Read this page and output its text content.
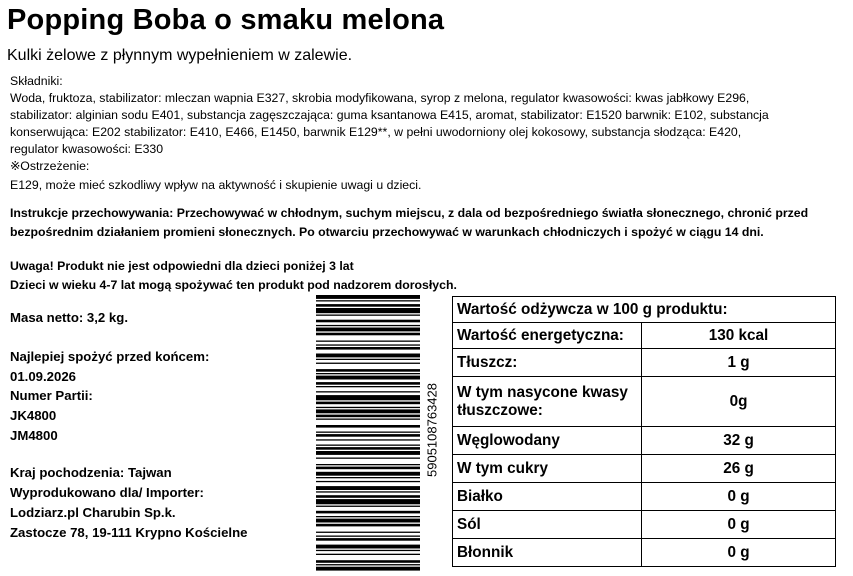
Popping Boba o smaku melona
Kulki żelowe z płynnym wypełnieniem w zalewie.
Składniki:
Woda, fruktoza, stabilizator: mleczan wapnia E327, skrobia modyfikowana, syrop z melona, regulator kwasowości: kwas jabłkowy E296,
stabilizator: alginian sodu E401, substancja zagęszczająca: guma ksantanowa E415, aromat, stabilizator: E1520 barwnik: E102, substancja
konserwująca: E202 stabilizator: E410, E466, E1450, barwnik E129**, w pełni uwodorniony olej kokosowy, substancja słodząca: E420,
regulator kwasowości: E330
※Ostrzeżenie:
E129, może mieć szkodliwy wpływ na aktywność i skupienie uwagi u dzieci.
Instrukcje przechowywania: Przechowywać w chłodnym, suchym miejscu, z dala od bezpośredniego światła słonecznego, chronić przed
bezpośrednim działaniem promieni słonecznych. Po otwarciu przechowywać w warunkach chłodniczych i spożyć w ciągu 14 dni.
Uwaga! Produkt nie jest odpowiedni dla dzieci poniżej 3 lat
Dzieci w wieku 4-7 lat mogą spożywać ten produkt pod nadzorem dorosłych.
Masa netto: 3,2 kg.
Najlepiej spożyć przed końcem:
01.09.2026
Numer Partii:
JK4800
JM4800
Kraj pochodzenia: Tajwan
Wyprodukowano dla/ Importer:
Lodziarz.pl Charubin Sp.k.
Zastocze 78, 19-111 Krypno Kościelne
5905108763428
Wartość odżywcza w 100 g produktu:	
Wartość energetyczna:	130 kcal
Tłuszcz:	1 g

W tym nasycone kwasy
tłuszczowe:	0g
Węglowodany	32 g
W tym cukry	26 g
Białko	0 g
Sól	0 g
Błonnik	0 g
